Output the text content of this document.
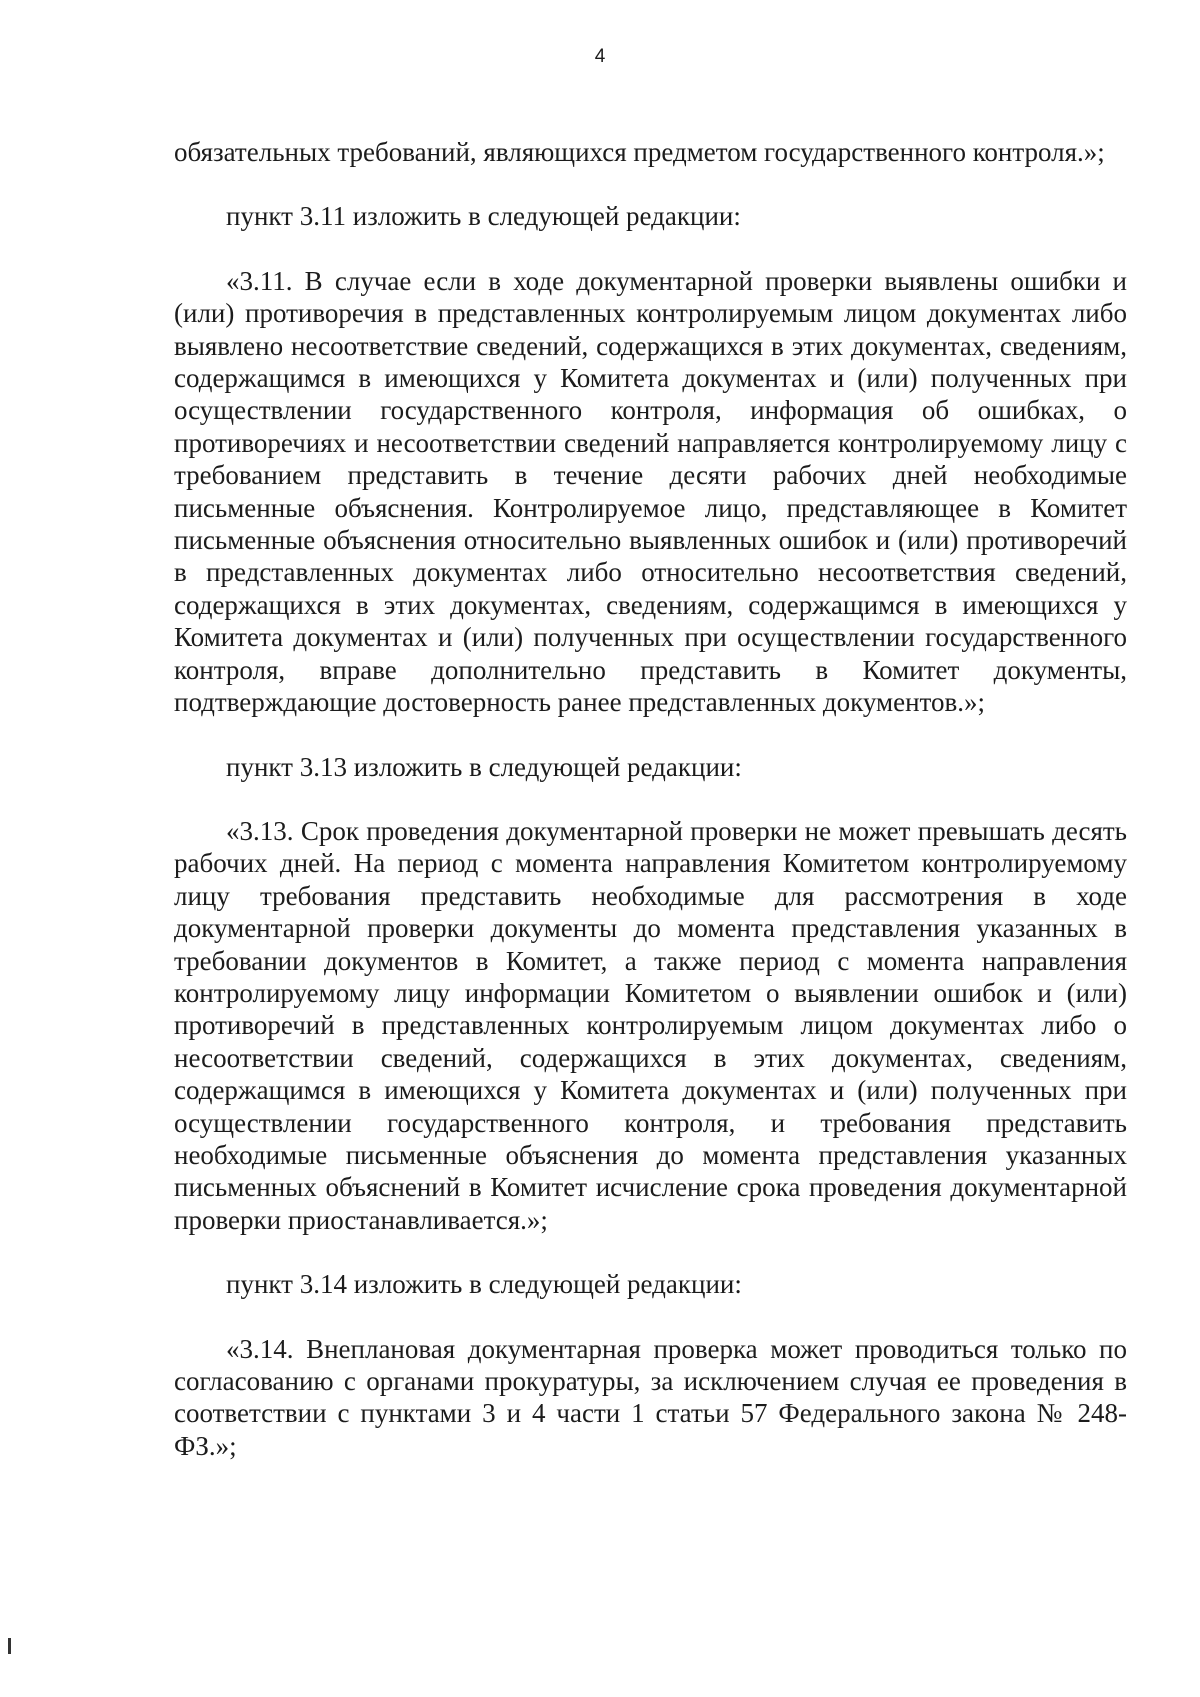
4

обязательных требований, являющихся предметом государственного контроля.»;

пункт 3.11 изложить в следующей редакции:

«3.11. В случае если в ходе документарной проверки выявлены ошибки и (или) противоречия в представленных контролируемым лицом документах либо выявлено несоответствие сведений, содержащихся в этих документах, сведениям, содержащимся в имеющихся у Комитета документах и (или) полученных при осуществлении государственного контроля, информация об ошибках, о противоречиях и несоответствии сведений направляется контролируемому лицу с требованием представить в течение десяти рабочих дней необходимые письменные объяснения. Контролируемое лицо, представляющее в Комитет письменные объяснения относительно выявленных ошибок и (или) противоречий в представленных документах либо относительно несоответствия сведений, содержащихся в этих документах, сведениям, содержащимся в имеющихся у Комитета документах и (или) полученных при осуществлении государственного контроля, вправе дополнительно представить в Комитет документы, подтверждающие достоверность ранее представленных документов.»;

пункт 3.13 изложить в следующей редакции:

«3.13. Срок проведения документарной проверки не может превышать десять рабочих дней. На период с момента направления Комитетом контролируемому лицу требования представить необходимые для рассмотрения в ходе документарной проверки документы до момента представления указанных в требовании документов в Комитет, а также период с момента направления контролируемому лицу информации Комитетом о выявлении ошибок и (или) противоречий в представленных контролируемым лицом документах либо о несоответствии сведений, содержащихся в этих документах, сведениям, содержащимся в имеющихся у Комитета документах и (или) полученных при осуществлении государственного контроля, и требования представить необходимые письменные объяснения до момента представления указанных письменных объяснений в Комитет исчисление срока проведения документарной проверки приостанавливается.»;

пункт 3.14 изложить в следующей редакции:

«3.14. Внеплановая документарная проверка может проводиться только по согласованию с органами прокуратуры, за исключением случая ее проведения в соответствии с пунктами 3 и 4 части 1 статьи 57 Федерального закона № 248-ФЗ.»;
